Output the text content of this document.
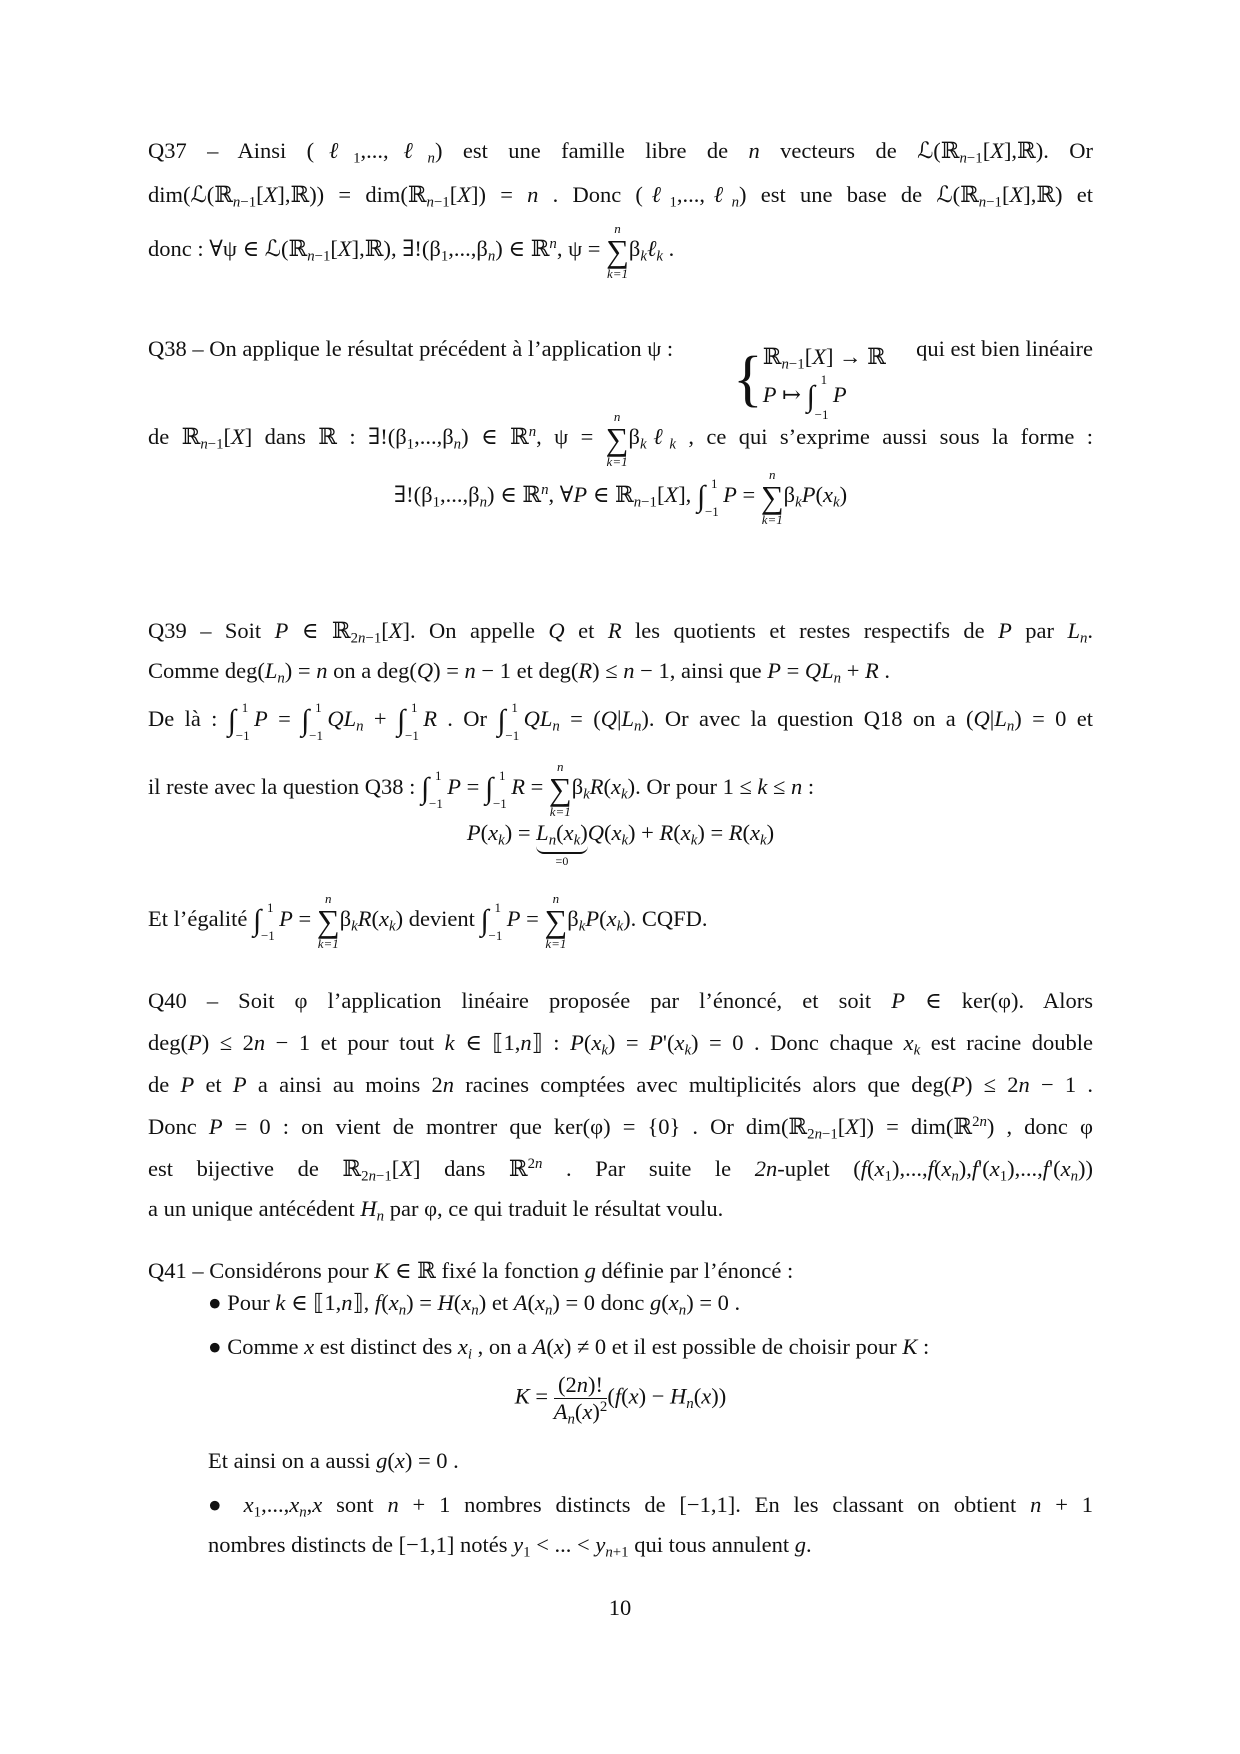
Q37 – Ainsi (ℓ$_1$,...,ℓ$_n$) est une famille libre de n vecteurs de ℒ(ℝ$_{n-1}$[X],ℝ). Or
dim(ℒ(ℝ$_{n-1}$[X],ℝ)) = dim(ℝ$_{n-1}$[X]) = n . Donc (ℓ$_1$,...,ℓ$_n$) est une base de ℒ(ℝ$_{n-1}$[X],ℝ) et
donc : ∀ψ ∈ ℒ(ℝ$_{n-1}$[X],ℝ), $\exists!(\beta_1,...,\beta_n)$ ∈ ℝ$^n$, ψ =
n
∑
k=1
$\beta_k\ell_k$ .
Q38 – On applique le résultat précédent à l’application ψ : { ℝ$_{n-1}$[X] → ℝ
P ↦ ∫
1
−1
P
qui est bien linéaire
de ℝ$_{n-1}$[X] dans ℝ : $\exists!(\beta_1,...,\beta_n)$ ∈ ℝ$^n$, ψ =
n
∑
k=1
$\beta_k\ell_k$ , ce qui s’exprime aussi sous la forme :
$\exists!(\beta_1,...,\beta_n)$ ∈ ℝ$^n$, ∀P ∈ ℝ$_{n-1}$[X], ∫ 1
−1
P =
n
∑
k=1
$\beta_kP(x_k)$
Q39 – Soit P ∈ ℝ$_{2n-1}$[X]. On appelle Q et R les quotients et restes respectifs de P par $L_n$.
Comme $deg(L_n) = n$ on a deg(Q) = n − 1 et deg(R) ≤ n − 1, ainsi que $P = QL_n + R$ .
De là : ∫ 1
−1
P = ∫ 1
−1
$QL_n$ + ∫ 1
−1
R . Or ∫ 1
−1
$QL_n = (Q|L_n)$. Or avec la question Q18 on a $(Q|L_n) = 0$ et
il reste avec la question Q38 : ∫ 1
−1
P = ∫ 1
−1
R =
n
∑
k=1
$\beta_kR(x_k)$. Or pour 1 ≤ k ≤ n :
$P(x_k) = L_n(x_k)$
=0
$Q(x_k) + R(x_k) = R(x_k)$
Et l’égalité ∫ 1
−1
P =
n
∑
k=1
$\beta_kR(x_k)$ devient ∫ 1
−1
P =
n
∑
k=1
$\beta_kP(x_k)$. CQFD.
Q40 – Soit φ l’application linéaire proposée par l’énoncé, et soit P ∈ ker(φ). Alors
deg(P) ≤ 2n − 1 et pour tout k ∈ ⟦1,n⟧ : $P(x_k) = P'(x_k) = 0$ . Donc chaque $x_k$ est racine double
de P et P a ainsi au moins 2n racines comptées avec multiplicités alors que deg(P) ≤ 2n − 1 .
Donc P = 0 : on vient de montrer que ker(φ) = {0} . Or dim(ℝ$_{2n-1}$[X]) = dim(ℝ$^{2n}$) , donc φ
est bijective de ℝ$_{2n-1}$[X] dans ℝ$^{2n}$ . Par suite le 2n-uplet $(f(x_1),...,f(x_n),f'(x_1),...,f'(x_n))$
a un unique antécédent $H_n$ par φ, ce qui traduit le résultat voulu.
Q41 – Considérons pour K ∈ ℝ fixé la fonction g définie par l’énoncé :
● Pour k ∈ ⟦1,n⟧, $f(x_n) = H(x_n)$ et $A(x_n) = 0$ donc $g(x_n) = 0$ .
● Comme x est distinct des $x_i$ , on a A(x) ≠ 0 et il est possible de choisir pour K :
$K = \frac{(2n)!}{A_n(x)^2} (f(x) - H_n(x))$
Et ainsi on a aussi g(x) = 0 .
● $x_1,...,x_n,x$ sont n + 1 nombres distincts de [−1,1]. En les classant on obtient n + 1
nombres distincts de [−1,1] notés $y_1$ < ... < $y_{n+1}$ qui tous annulent g.
10
